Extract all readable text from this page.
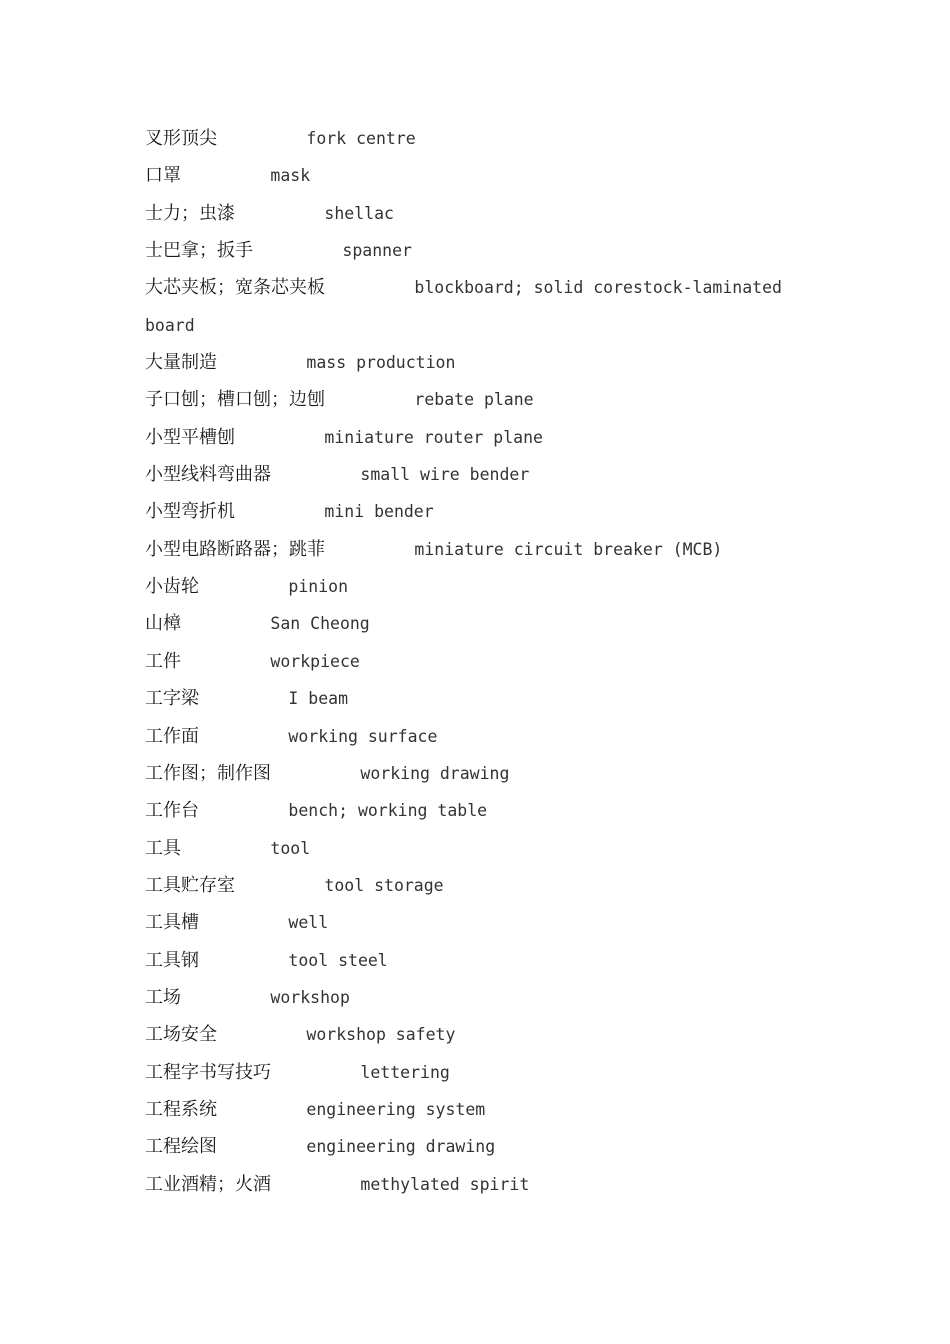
叉形顶尖	fork centre
口罩	mask
士力；虫漆	shellac
士巴拿；扳手	spanner
大芯夹板；宽条芯夹板	blockboard; solid corestock-laminated
board
大量制造	mass production
子口刨；槽口刨；边刨	rebate plane
小型平槽刨	miniature router plane
小型线料弯曲器	small wire bender
小型弯折机	mini bender
小型电路断路器；跳菲	miniature circuit breaker (MCB)
小齿轮	pinion
山樟	San Cheong
工件	workpiece
工字梁	I beam
工作面	working surface
工作图；制作图	working drawing
工作台	bench; working table
工具	tool
工具贮存室	tool storage
工具槽	well
工具钢	tool steel
工场	workshop
工场安全	workshop safety
工程字书写技巧	lettering
工程系统	engineering system
工程绘图	engineering drawing
工业酒精；火酒	methylated spirit
